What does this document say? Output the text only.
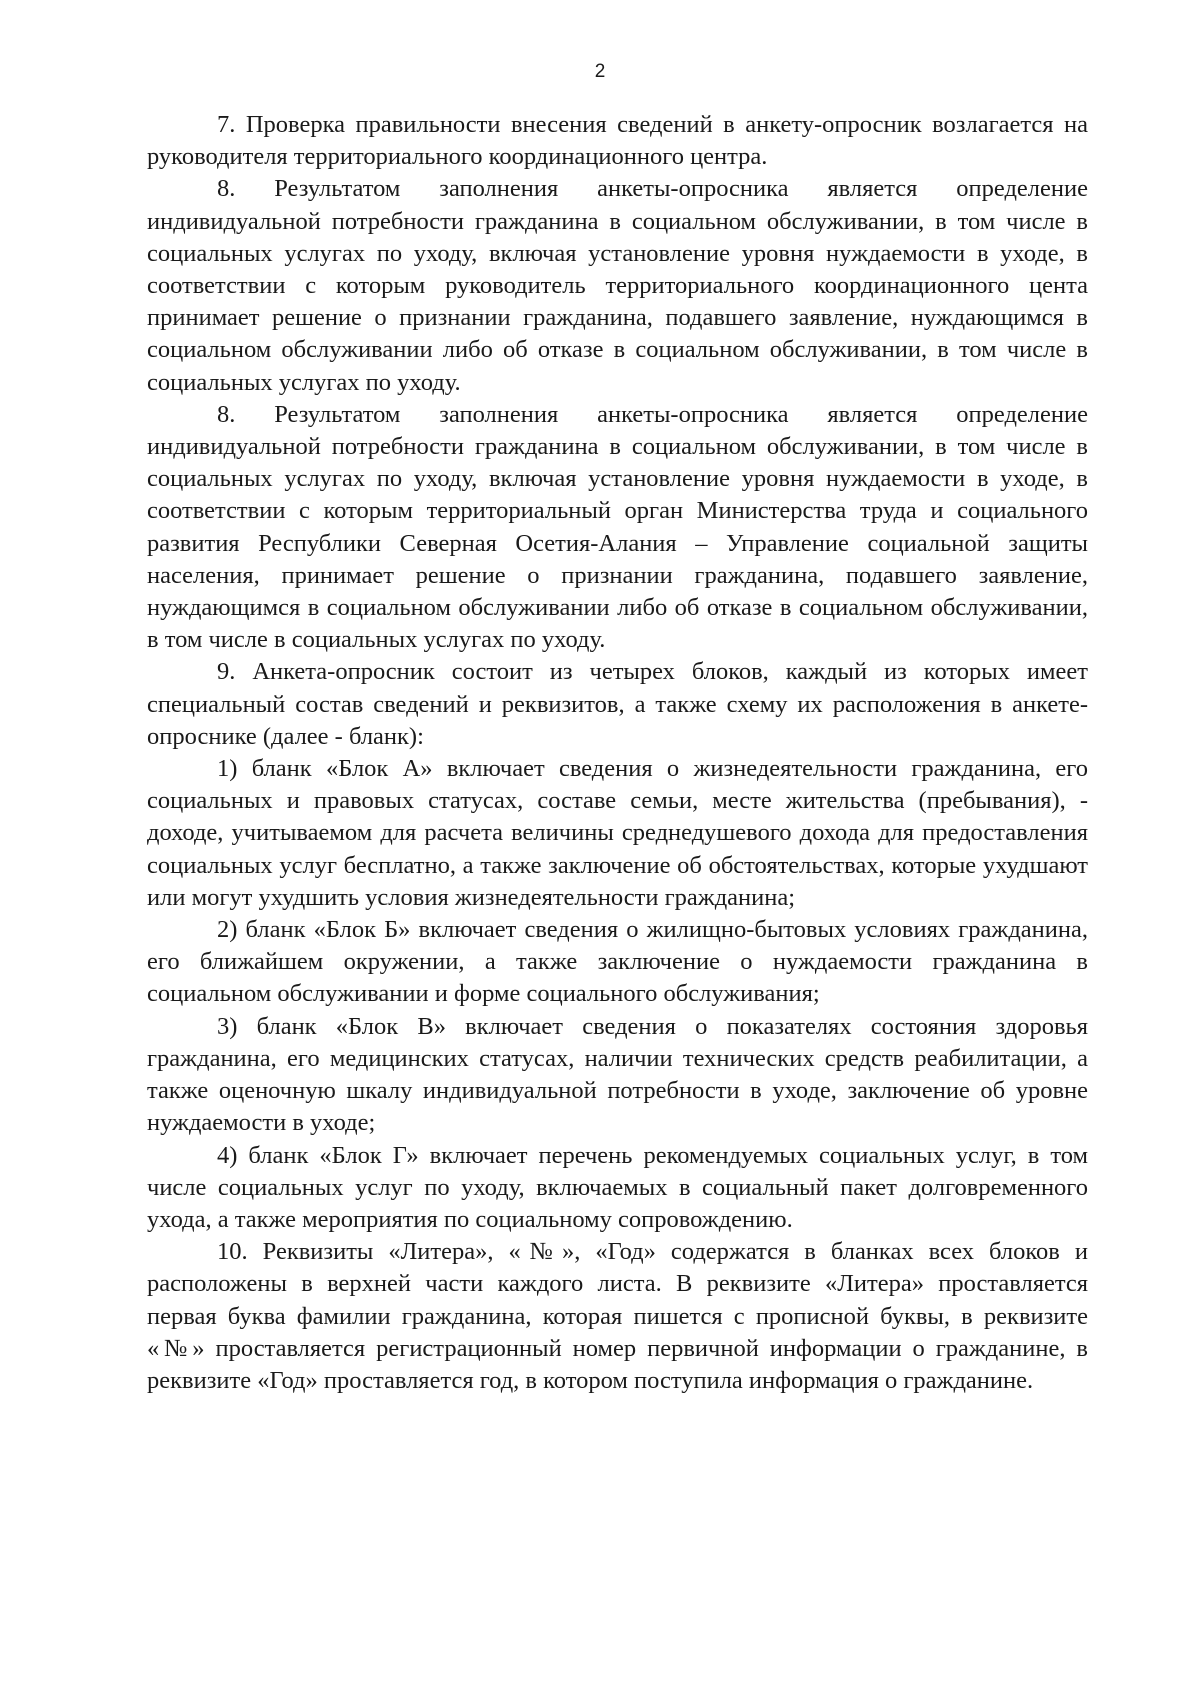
2

7. Проверка правильности внесения сведений в анкету-опросник возлагается на руководителя территориального координационного центра.

8. Результатом заполнения анкеты-опросника является определение индивидуальной потребности гражданина в социальном обслуживании, в том числе в социальных услугах по уходу, включая установление уровня нуждаемости в уходе, в соответствии с которым руководитель территориального координационного цента принимает решение о признании гражданина, подавшего заявление, нуждающимся в социальном обслуживании либо об отказе в социальном обслуживании, в том числе в социальных услугах по уходу.

8. Результатом заполнения анкеты-опросника является определение индивидуальной потребности гражданина в социальном обслуживании, в том числе в социальных услугах по уходу, включая установление уровня нуждаемости в уходе, в соответствии с которым территориальный орган Министерства труда и социального развития Республики Северная Осетия-Алания – Управление социальной защиты населения, принимает решение о признании гражданина, подавшего заявление, нуждающимся в социальном обслуживании либо об отказе в социальном обслуживании, в том числе в социальных услугах по уходу.

9. Анкета-опросник состоит из четырех блоков, каждый из которых имеет специальный состав сведений и реквизитов, а также схему их расположения в анкете-опроснике (далее - бланк):

1) бланк «Блок А» включает сведения о жизнедеятельности гражданина, его социальных и правовых статусах, составе семьи, месте жительства (пребывания), - доходе, учитываемом для расчета величины среднедушевого дохода для предоставления социальных услуг бесплатно, а также заключение об обстоятельствах, которые ухудшают или могут ухудшить условия жизнедеятельности гражданина;

2) бланк «Блок Б» включает сведения о жилищно-бытовых условиях гражданина, его ближайшем окружении, а также заключение о нуждаемости гражданина в социальном обслуживании и форме социального обслуживания;

3) бланк «Блок В» включает сведения о показателях состояния здоровья гражданина, его медицинских статусах, наличии технических средств реабилитации, а также оценочную шкалу индивидуальной потребности в уходе, заключение об уровне нуждаемости в уходе;

4) бланк «Блок Г» включает перечень рекомендуемых социальных услуг, в том числе социальных услуг по уходу, включаемых в социальный пакет долговременного ухода, а также мероприятия по социальному сопровождению.

10. Реквизиты «Литера», «№», «Год» содержатся в бланках всех блоков и расположены в верхней части каждого листа. В реквизите «Литера» проставляется первая буква фамилии гражданина, которая пишется с прописной буквы, в реквизите «№» проставляется регистрационный номер первичной информации о гражданине, в реквизите «Год» проставляется год, в котором поступила информация о гражданине.
